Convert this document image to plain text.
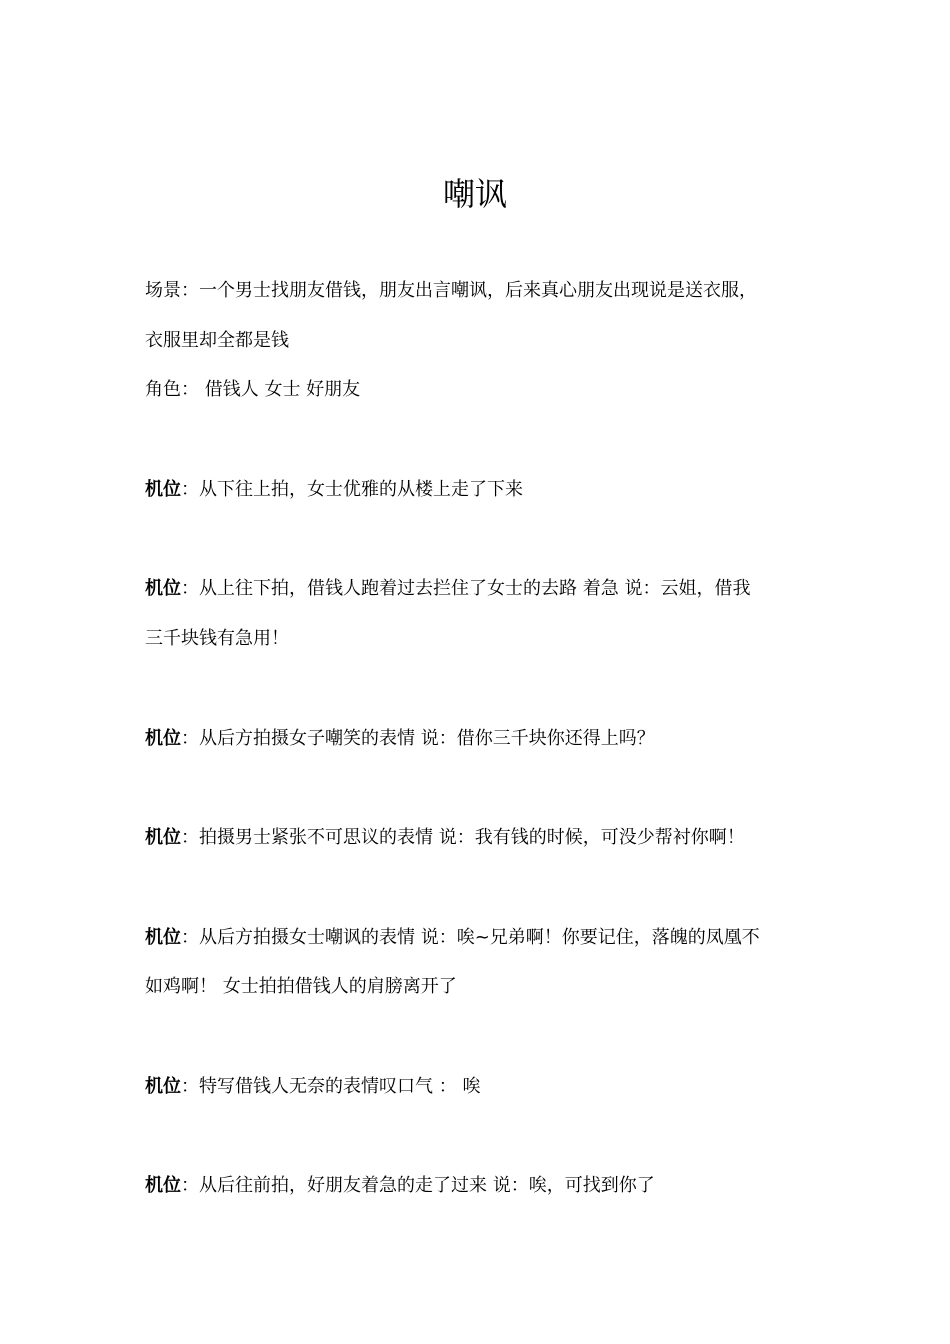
嘲讽

场景：一个男士找朋友借钱，朋友出言嘲讽，后来真心朋友出现说是送衣服，

衣服里却全都是钱

角色： 借钱人 女士 好朋友

机位：从下往上拍，女士优雅的从楼上走了下来

机位：从上往下拍，借钱人跑着过去拦住了女士的去路 着急 说：云姐，借我

三千块钱有急用！

机位：从后方拍摄女子嘲笑的表情 说：借你三千块你还得上吗？

机位：拍摄男士紧张不可思议的表情 说：我有钱的时候，可没少帮衬你啊！

机位：从后方拍摄女士嘲讽的表情 说：唉~兄弟啊！你要记住，落魄的凤凰不

如鸡啊！ 女士拍拍借钱人的肩膀离开了

机位：特写借钱人无奈的表情叹口气 ： 唉

机位：从后往前拍，好朋友着急的走了过来 说：唉，可找到你了
